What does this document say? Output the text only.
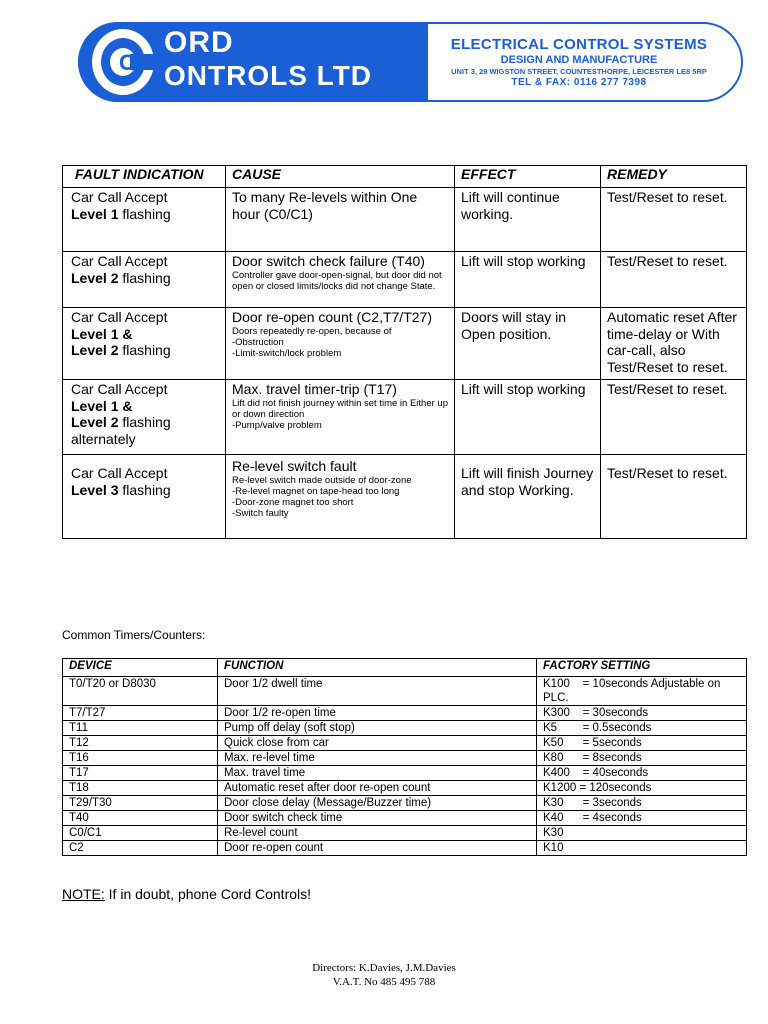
C
ORD
ONTROLS LTD
ELECTRICAL CONTROL SYSTEMS
DESIGN AND MANUFACTURE
UNIT 3, 29 WIGSTON STREET, COUNTESTHORPE, LEICESTER LE8 5RP
TEL & FAX: 0116 277 7398
FAULT INDICATION	CAUSE	EFFECT	REMEDY
Car Call Accept
Level 1 flashing	To many Re-levels within One hour (C0/C1)	Lift will continue working.	Test/Reset to reset.
Car Call Accept
Level 2 flashing	Door switch check failure (T40)
Controller gave door-open-signal, but door did not open or closed limits/locks did not change State.	Lift will stop working	Test/Reset to reset.
Car Call Accept
Level 1 &
Level 2 flashing	Door re-open count (C2,T7/T27)
Doors repeatedly re-open, because of
-Obstruction
-Limit-switch/lock problem	Doors will stay in Open position.	Automatic reset After time-delay or With car-call, also Test/Reset to reset.
Car Call Accept
Level 1 &
Level 2 flashing alternately	Max. travel timer-trip (T17)
Lift did not finish journey within set time in Either up or down direction
-Pump/valve problem	Lift will stop working	Test/Reset to reset.
Car Call Accept
Level 3 flashing	Re-level switch fault
Re-level switch made outside of door-zone
-Re-level magnet on tape-head too long
-Door-zone magnet too short
-Switch faulty	Lift will finish Journey and stop Working.	Test/Reset to reset.
Common Timers/Counters:
DEVICE	FUNCTION	FACTORY SETTING
T0/T20 or D8030	Door 1/2 dwell time	K100    = 10seconds Adjustable on PLC.
T7/T27	Door 1/2 re-open time	K300    = 30seconds
T11	Pump off delay (soft stop)	K5        = 0.5seconds
T12	Quick close from car	K50      = 5seconds
T16	Max. re-level time	K80      = 8seconds
T17	Max. travel time	K400    = 40seconds
T18	Automatic reset after door re-open count	K1200 = 120seconds
T29/T30	Door close delay (Message/Buzzer time)	K30      = 3seconds
T40	Door switch check time	K40      = 4seconds
C0/C1	Re-level count	K30
C2	Door re-open count	K10
NOTE: If in doubt, phone Cord Controls!
Directors: K.Davies, J.M.Davies
V.A.T. No 485 495 788
